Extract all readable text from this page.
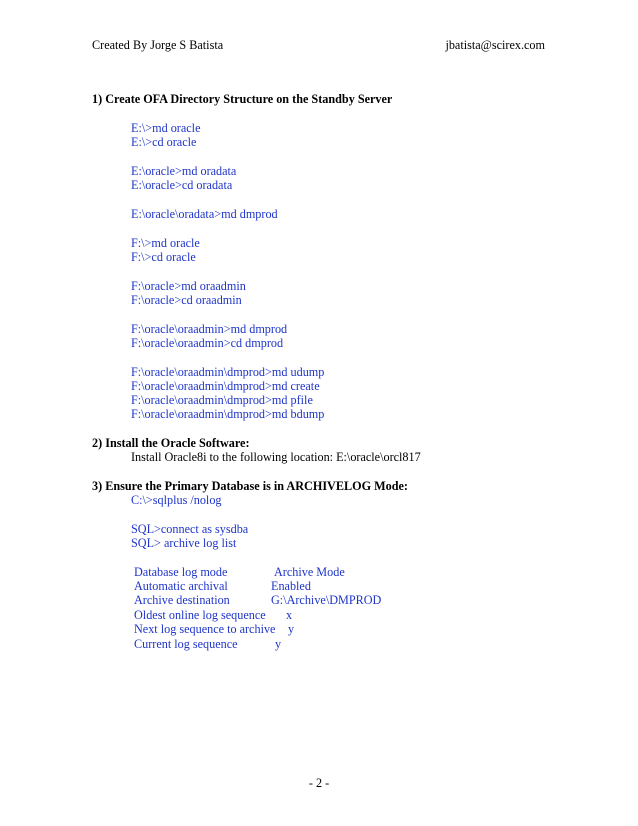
Created By Jorge S Batista	jbatista@scirex.com
1) Create OFA Directory Structure on the Standby Server
E:\>md oracle
E:\>cd oracle
E:\oracle>md oradata
E:\oracle>cd oradata
E:\oracle\oradata>md dmprod
F:\>md oracle
F:\>cd oracle
F:\oracle>md oraadmin
F:\oracle>cd oraadmin
F:\oracle\oraadmin>md dmprod
F:\oracle\oraadmin>cd dmprod
F:\oracle\oraadmin\dmprod>md udump
F:\oracle\oraadmin\dmprod>md create
F:\oracle\oraadmin\dmprod>md pfile
F:\oracle\oraadmin\dmprod>md bdump
2) Install the Oracle Software:
Install Oracle8i to the following location: E:\oracle\orcl817
3) Ensure the Primary Database is in ARCHIVELOG Mode:
C:\>sqlplus /nolog
SQL>connect as sysdba
SQL> archive log list
Database log mode	Archive Mode
Automatic archival	Enabled
Archive destination	G:\Archive\DMPROD
Oldest online log sequence x
Next log sequence to archive y
Current log sequence	y
- 2 -
